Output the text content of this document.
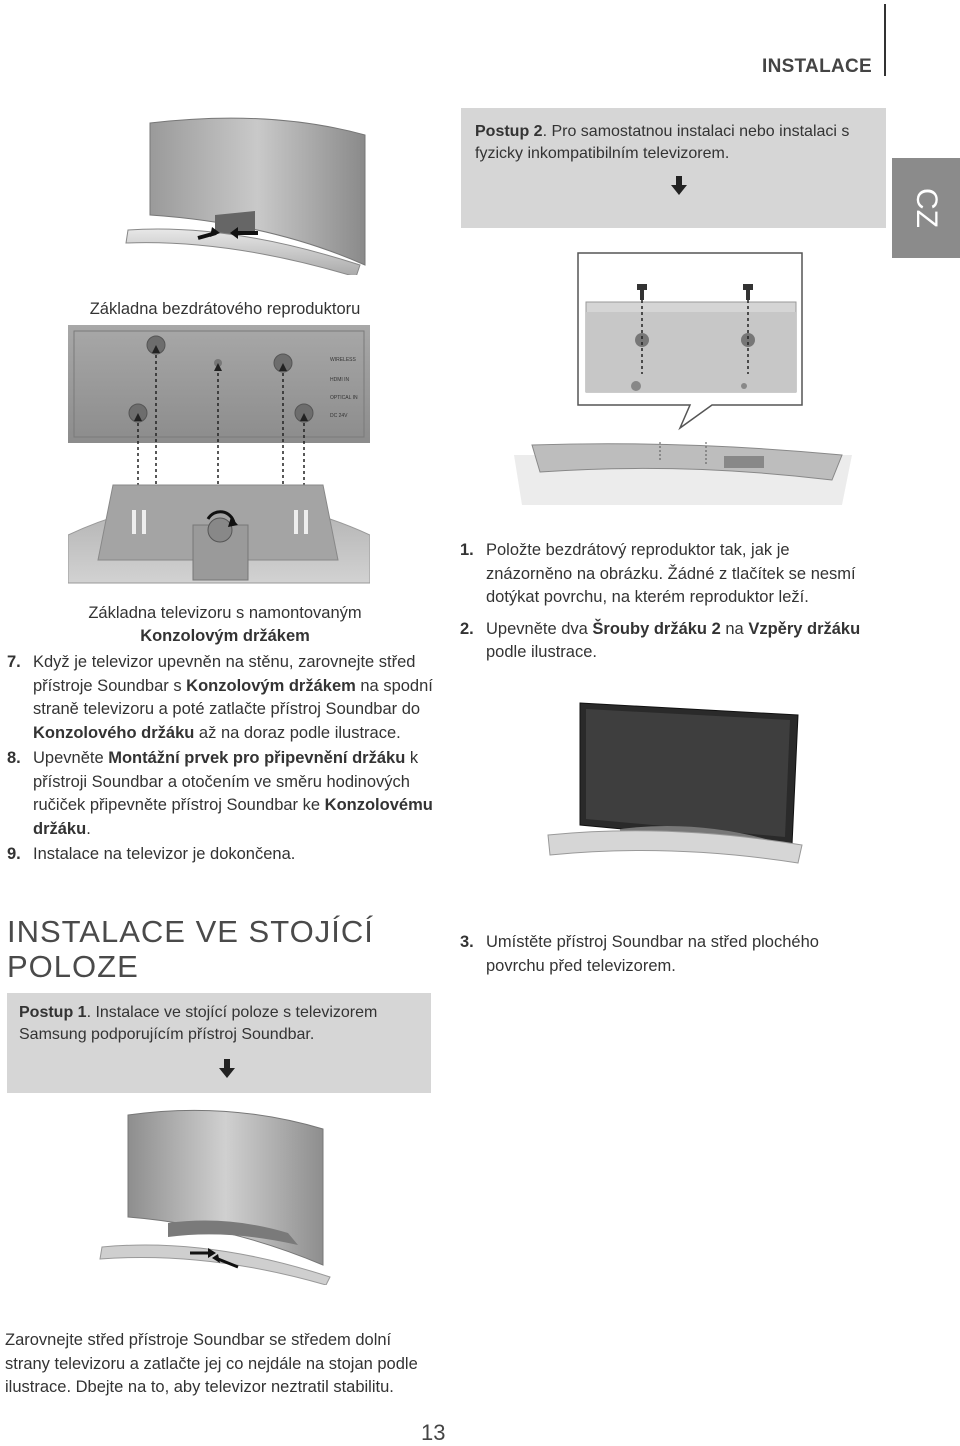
INSTALACE
CZ
Základna bezdrátového reproduktoru
WIRELESS
HDMI IN
OPTICAL IN
DC 24V
Základna televizoru s namontovaným
Konzolovým držákem
7. Když je televizor upevněn na stěnu, zarovnejte střed přístroje Soundbar s Konzolovým držákem na spodní straně televizoru a poté zatlačte přístroj Soundbar do Konzolového držáku až na doraz podle ilustrace.
8. Upevněte Montážní prvek pro připevnění držáku k přístroji Soundbar a otočením ve směru hodinových ručiček připevněte přístroj Soundbar ke Konzolovému držáku.
9. Instalace na televizor je dokončena.
INSTALACE VE STOJÍCÍ
POLOZE
Postup 1. Instalace ve stojící poloze s televizorem Samsung podporujícím přístroj Soundbar.
Zarovnejte střed přístroje Soundbar se středem dolní strany televizoru a zatlačte jej co nejdále na stojan podle ilustrace. Dbejte na to, aby televizor neztratil stabilitu.
13
Postup 2. Pro samostatnou instalaci nebo instalaci s fyzicky inkompatibilním televizorem.
1. Položte bezdrátový reproduktor tak, jak je znázorněno na obrázku. Žádné z tlačítek se nesmí dotýkat povrchu, na kterém reproduktor leží.
2. Upevněte dva Šrouby držáku 2 na Vzpěry držáku podle ilustrace.
3. Umístěte přístroj Soundbar na střed plochého povrchu před televizorem.
